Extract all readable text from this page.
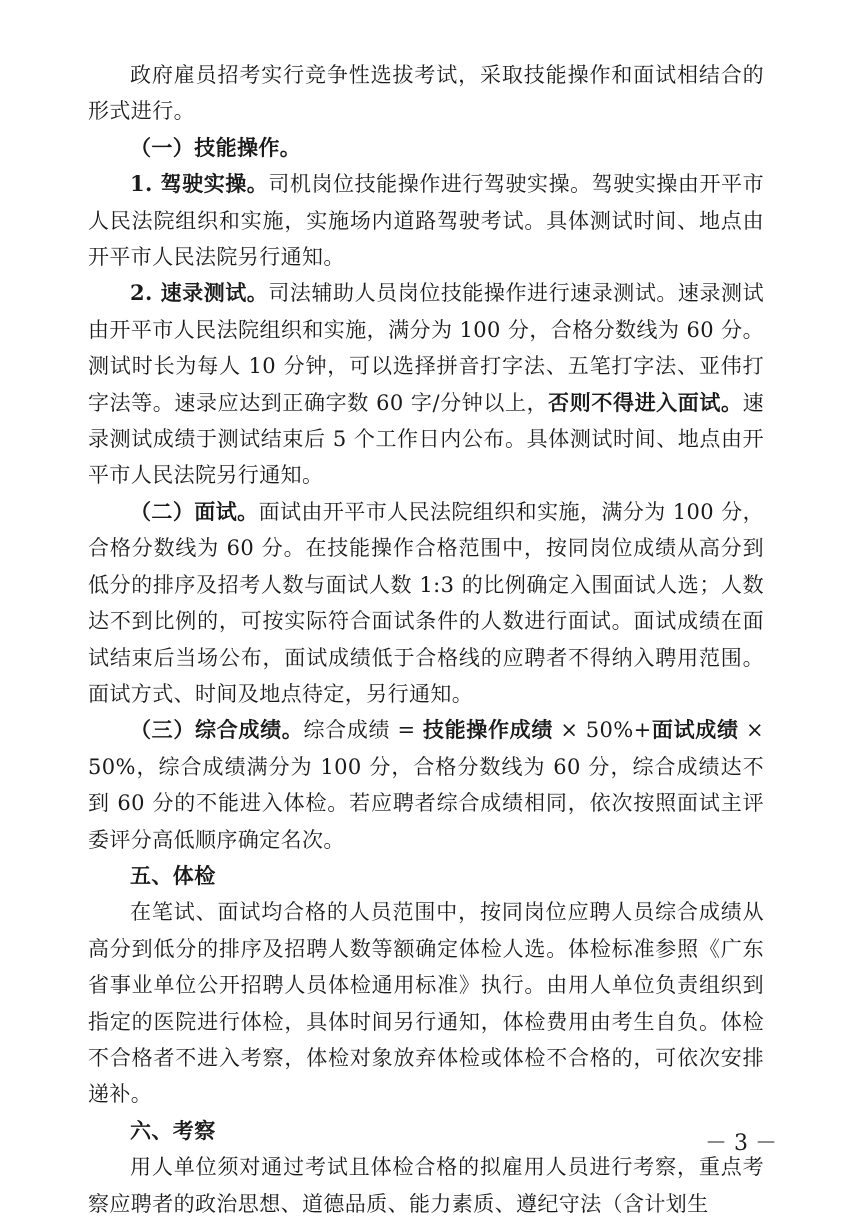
政府雇员招考实行竞争性选拔考试，采取技能操作和面试相结合的形式进行。

（一）技能操作。

1. 驾驶实操。司机岗位技能操作进行驾驶实操。驾驶实操由开平市人民法院组织和实施，实施场内道路驾驶考试。具体测试时间、地点由开平市人民法院另行通知。

2. 速录测试。司法辅助人员岗位技能操作进行速录测试。速录测试由开平市人民法院组织和实施，满分为 100 分，合格分数线为 60 分。测试时长为每人 10 分钟，可以选择拼音打字法、五笔打字法、亚伟打字法等。速录应达到正确字数 60 字/分钟以上，否则不得进入面试。速录测试成绩于测试结束后 5 个工作日内公布。具体测试时间、地点由开平市人民法院另行通知。

（二）面试。面试由开平市人民法院组织和实施，满分为 100 分，合格分数线为 60 分。在技能操作合格范围中，按同岗位成绩从高分到低分的排序及招考人数与面试人数 1:3 的比例确定入围面试人选；人数达不到比例的，可按实际符合面试条件的人数进行面试。面试成绩在面试结束后当场公布，面试成绩低于合格线的应聘者不得纳入聘用范围。面试方式、时间及地点待定，另行通知。

（三）综合成绩。综合成绩 = 技能操作成绩 × 50%+面试成绩 × 50%，综合成绩满分为 100 分，合格分数线为 60 分，综合成绩达不到 60 分的不能进入体检。若应聘者综合成绩相同，依次按照面试主评委评分高低顺序确定名次。

五、体检

在笔试、面试均合格的人员范围中，按同岗位应聘人员综合成绩从高分到低分的排序及招聘人数等额确定体检人选。体检标准参照《广东省事业单位公开招聘人员体检通用标准》执行。由用人单位负责组织到指定的医院进行体检，具体时间另行通知，体检费用由考生自负。体检不合格者不进入考察，体检对象放弃体检或体检不合格的，可依次安排递补。

六、考察

用人单位须对通过考试且体检合格的拟雇用人员进行考察，重点考察应聘者的政治思想、道德品质、能力素质、遵纪守法（含计划生

－ 3 －
